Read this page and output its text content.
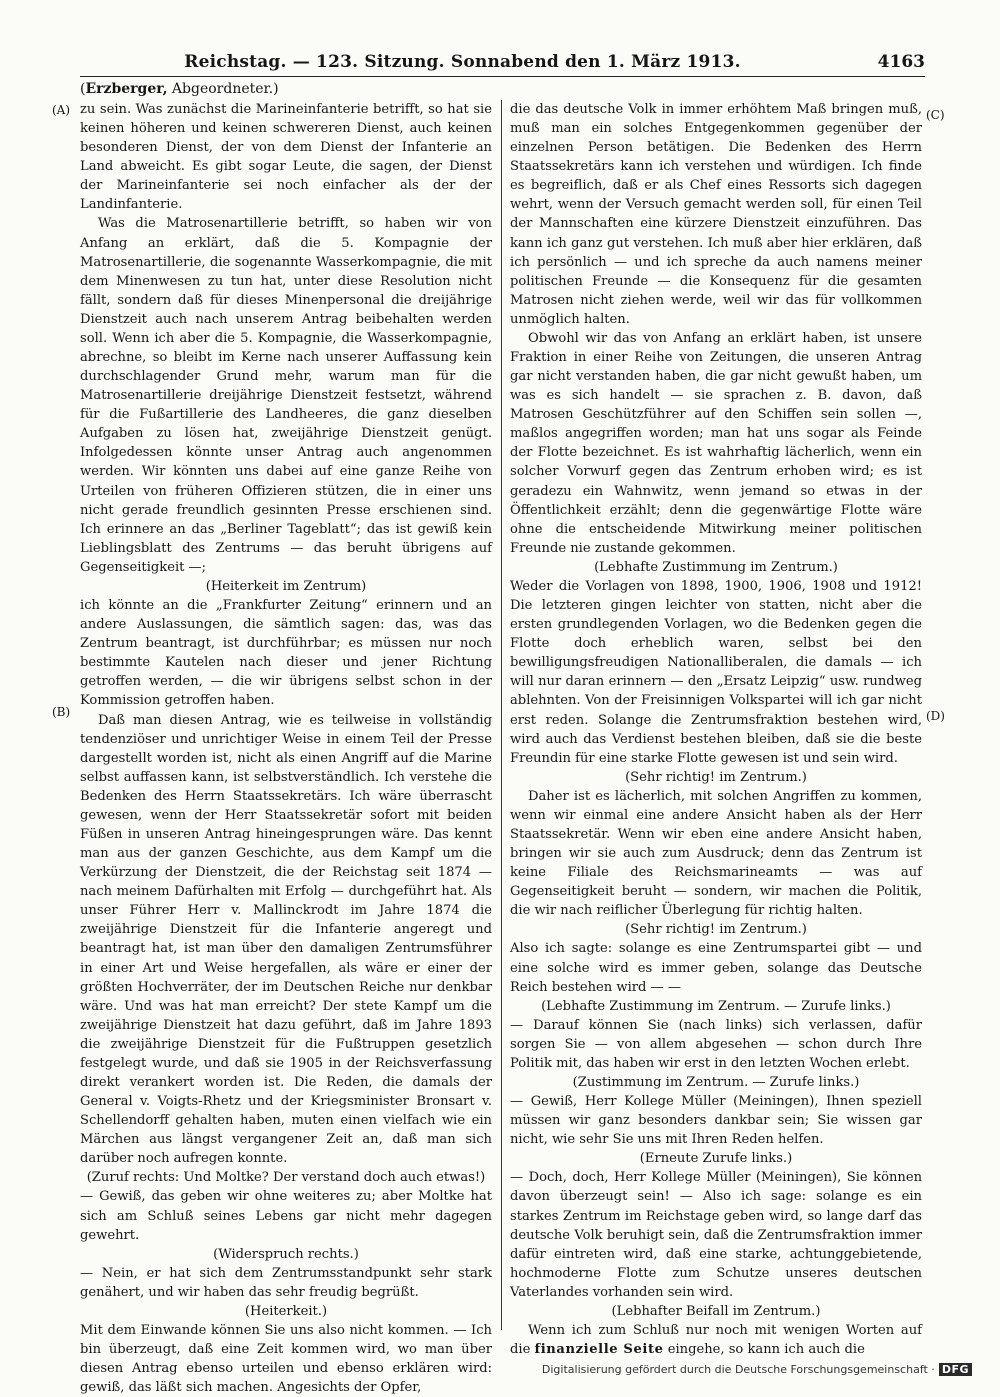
Reichstag. — 123. Sitzung. Sonnabend den 1. März 1913.	4163
(Erzberger, Abgeordneter.)
(A)
(B)
(C)
(D)

zu sein. Was zunächst die Marineinfanterie betrifft, so hat sie keinen höheren und keinen schwereren Dienst, auch keinen besonderen Dienst, der von dem Dienst der Infanterie an Land abweicht. Es gibt sogar Leute, die sagen, der Dienst der Marineinfanterie sei noch einfacher als der der Landinfanterie.

Was die Matrosenartillerie betrifft, so haben wir von Anfang an erklärt, daß die 5. Kompagnie der Matrosenartillerie, die sogenannte Wasserkompagnie, die mit dem Minenwesen zu tun hat, unter diese Resolution nicht fällt, sondern daß für dieses Minenpersonal die dreijährige Dienstzeit auch nach unserem Antrag beibehalten werden soll. Wenn ich aber die 5. Kompagnie, die Wasserkompagnie, abrechne, so bleibt im Kerne nach unserer Auffassung kein durchschlagender Grund mehr, warum man für die Matrosenartillerie dreijährige Dienstzeit festsetzt, während für die Fußartillerie des Landheeres, die ganz dieselben Aufgaben zu lösen hat, zweijährige Dienstzeit genügt. Infolgedessen könnte unser Antrag auch angenommen werden. Wir könnten uns dabei auf eine ganze Reihe von Urteilen von früheren Offizieren stützen, die in einer uns nicht gerade freundlich gesinnten Presse erschienen sind. Ich erinnere an das „Berliner Tageblatt“; das ist gewiß kein Lieblingsblatt des Zentrums — das beruht übrigens auf Gegenseitigkeit —;

(Heiterkeit im Zentrum)

ich könnte an die „Frankfurter Zeitung“ erinnern und an andere Auslassungen, die sämtlich sagen: das, was das Zentrum beantragt, ist durchführbar; es müssen nur noch bestimmte Kautelen nach dieser und jener Richtung getroffen werden, — die wir übrigens selbst schon in der Kommission getroffen haben.

Daß man diesen Antrag, wie es teilweise in vollständig tendenziöser und unrichtiger Weise in einem Teil der Presse dargestellt worden ist, nicht als einen Angriff auf die Marine selbst auffassen kann, ist selbstverständlich. Ich verstehe die Bedenken des Herrn Staatssekretärs. Ich wäre überrascht gewesen, wenn der Herr Staatssekretär sofort mit beiden Füßen in unseren Antrag hineingesprungen wäre. Das kennt man aus der ganzen Geschichte, aus dem Kampf um die Verkürzung der Dienstzeit, die der Reichstag seit 1874 — nach meinem Dafürhalten mit Erfolg — durchgeführt hat. Als unser Führer Herr v. Mallinckrodt im Jahre 1874 die zweijährige Dienstzeit für die Infanterie angeregt und beantragt hat, ist man über den damaligen Zentrumsführer in einer Art und Weise hergefallen, als wäre er einer der größten Hochverräter, der im Deutschen Reiche nur denkbar wäre. Und was hat man erreicht? Der stete Kampf um die zweijährige Dienstzeit hat dazu geführt, daß im Jahre 1893 die zweijährige Dienstzeit für die Fußtruppen gesetzlich festgelegt wurde, und daß sie 1905 in der Reichsverfassung direkt verankert worden ist. Die Reden, die damals der General v. Voigts-Rhetz und der Kriegsminister Bronsart v. Schellendorff gehalten haben, muten einen vielfach wie ein Märchen aus längst vergangener Zeit an, daß man sich darüber noch aufregen konnte.

(Zuruf rechts: Und Moltke? Der verstand doch auch etwas!)

— Gewiß, das geben wir ohne weiteres zu; aber Moltke hat sich am Schluß seines Lebens gar nicht mehr dagegen gewehrt.

(Widerspruch rechts.)

— Nein, er hat sich dem Zentrumsstandpunkt sehr stark genähert, und wir haben das sehr freudig begrüßt.

(Heiterkeit.)

Mit dem Einwande können Sie uns also nicht kommen. — Ich bin überzeugt, daß eine Zeit kommen wird, wo man über diesen Antrag ebenso urteilen und ebenso erklären wird: gewiß, das läßt sich machen. Angesichts der Opfer,

die das deutsche Volk in immer erhöhtem Maß bringen muß, muß man ein solches Entgegenkommen gegenüber der einzelnen Person betätigen. Die Bedenken des Herrn Staatssekretärs kann ich verstehen und würdigen. Ich finde es begreiflich, daß er als Chef eines Ressorts sich dagegen wehrt, wenn der Versuch gemacht werden soll, für einen Teil der Mannschaften eine kürzere Dienstzeit einzuführen. Das kann ich ganz gut verstehen. Ich muß aber hier erklären, daß ich persönlich — und ich spreche da auch namens meiner politischen Freunde — die Konsequenz für die gesamten Matrosen nicht ziehen werde, weil wir das für vollkommen unmöglich halten.

Obwohl wir das von Anfang an erklärt haben, ist unsere Fraktion in einer Reihe von Zeitungen, die unseren Antrag gar nicht verstanden haben, die gar nicht gewußt haben, um was es sich handelt — sie sprachen z. B. davon, daß Matrosen Geschützführer auf den Schiffen sein sollen —, maßlos angegriffen worden; man hat uns sogar als Feinde der Flotte bezeichnet. Es ist wahrhaftig lächerlich, wenn ein solcher Vorwurf gegen das Zentrum erhoben wird; es ist geradezu ein Wahnwitz, wenn jemand so etwas in der Öffentlichkeit erzählt; denn die gegenwärtige Flotte wäre ohne die entscheidende Mitwirkung meiner politischen Freunde nie zustande gekommen.

(Lebhafte Zustimmung im Zentrum.)

Weder die Vorlagen von 1898, 1900, 1906, 1908 und 1912! Die letzteren gingen leichter von statten, nicht aber die ersten grundlegenden Vorlagen, wo die Bedenken gegen die Flotte doch erheblich waren, selbst bei den bewilligungsfreudigen Nationalliberalen, die damals — ich will nur daran erinnern — den „Ersatz Leipzig“ usw. rundweg ablehnten. Von der Freisinnigen Volkspartei will ich gar nicht erst reden. Solange die Zentrumsfraktion bestehen wird, wird auch das Verdienst bestehen bleiben, daß sie die beste Freundin für eine starke Flotte gewesen ist und sein wird.

(Sehr richtig! im Zentrum.)

Daher ist es lächerlich, mit solchen Angriffen zu kommen, wenn wir einmal eine andere Ansicht haben als der Herr Staatssekretär. Wenn wir eben eine andere Ansicht haben, bringen wir sie auch zum Ausdruck; denn das Zentrum ist keine Filiale des Reichsmarineamts — was auf Gegenseitigkeit beruht — sondern, wir machen die Politik, die wir nach reiflicher Überlegung für richtig halten.

(Sehr richtig! im Zentrum.)

Also ich sagte: solange es eine Zentrumspartei gibt — und eine solche wird es immer geben, solange das Deutsche Reich bestehen wird — —

(Lebhafte Zustimmung im Zentrum. — Zurufe links.)

— Darauf können Sie (nach links) sich verlassen, dafür sorgen Sie — von allem abgesehen — schon durch Ihre Politik mit, das haben wir erst in den letzten Wochen erlebt.

(Zustimmung im Zentrum. — Zurufe links.)

— Gewiß, Herr Kollege Müller (Meiningen), Ihnen speziell müssen wir ganz besonders dankbar sein; Sie wissen gar nicht, wie sehr Sie uns mit Ihren Reden helfen.

(Erneute Zurufe links.)

— Doch, doch, Herr Kollege Müller (Meiningen), Sie können davon überzeugt sein! — Also ich sage: solange es ein starkes Zentrum im Reichstage geben wird, so lange darf das deutsche Volk beruhigt sein, daß die Zentrumsfraktion immer dafür eintreten wird, daß eine starke, achtunggebietende, hochmoderne Flotte zum Schutze unseres deutschen Vaterlandes vorhanden sein wird.

(Lebhafter Beifall im Zentrum.)

Wenn ich zum Schluß nur noch mit wenigen Worten auf die finanzielle Seite eingehe, so kann ich auch die

Digitalisierung gefördert durch die Deutsche Forschungsgemeinschaft · DFG
